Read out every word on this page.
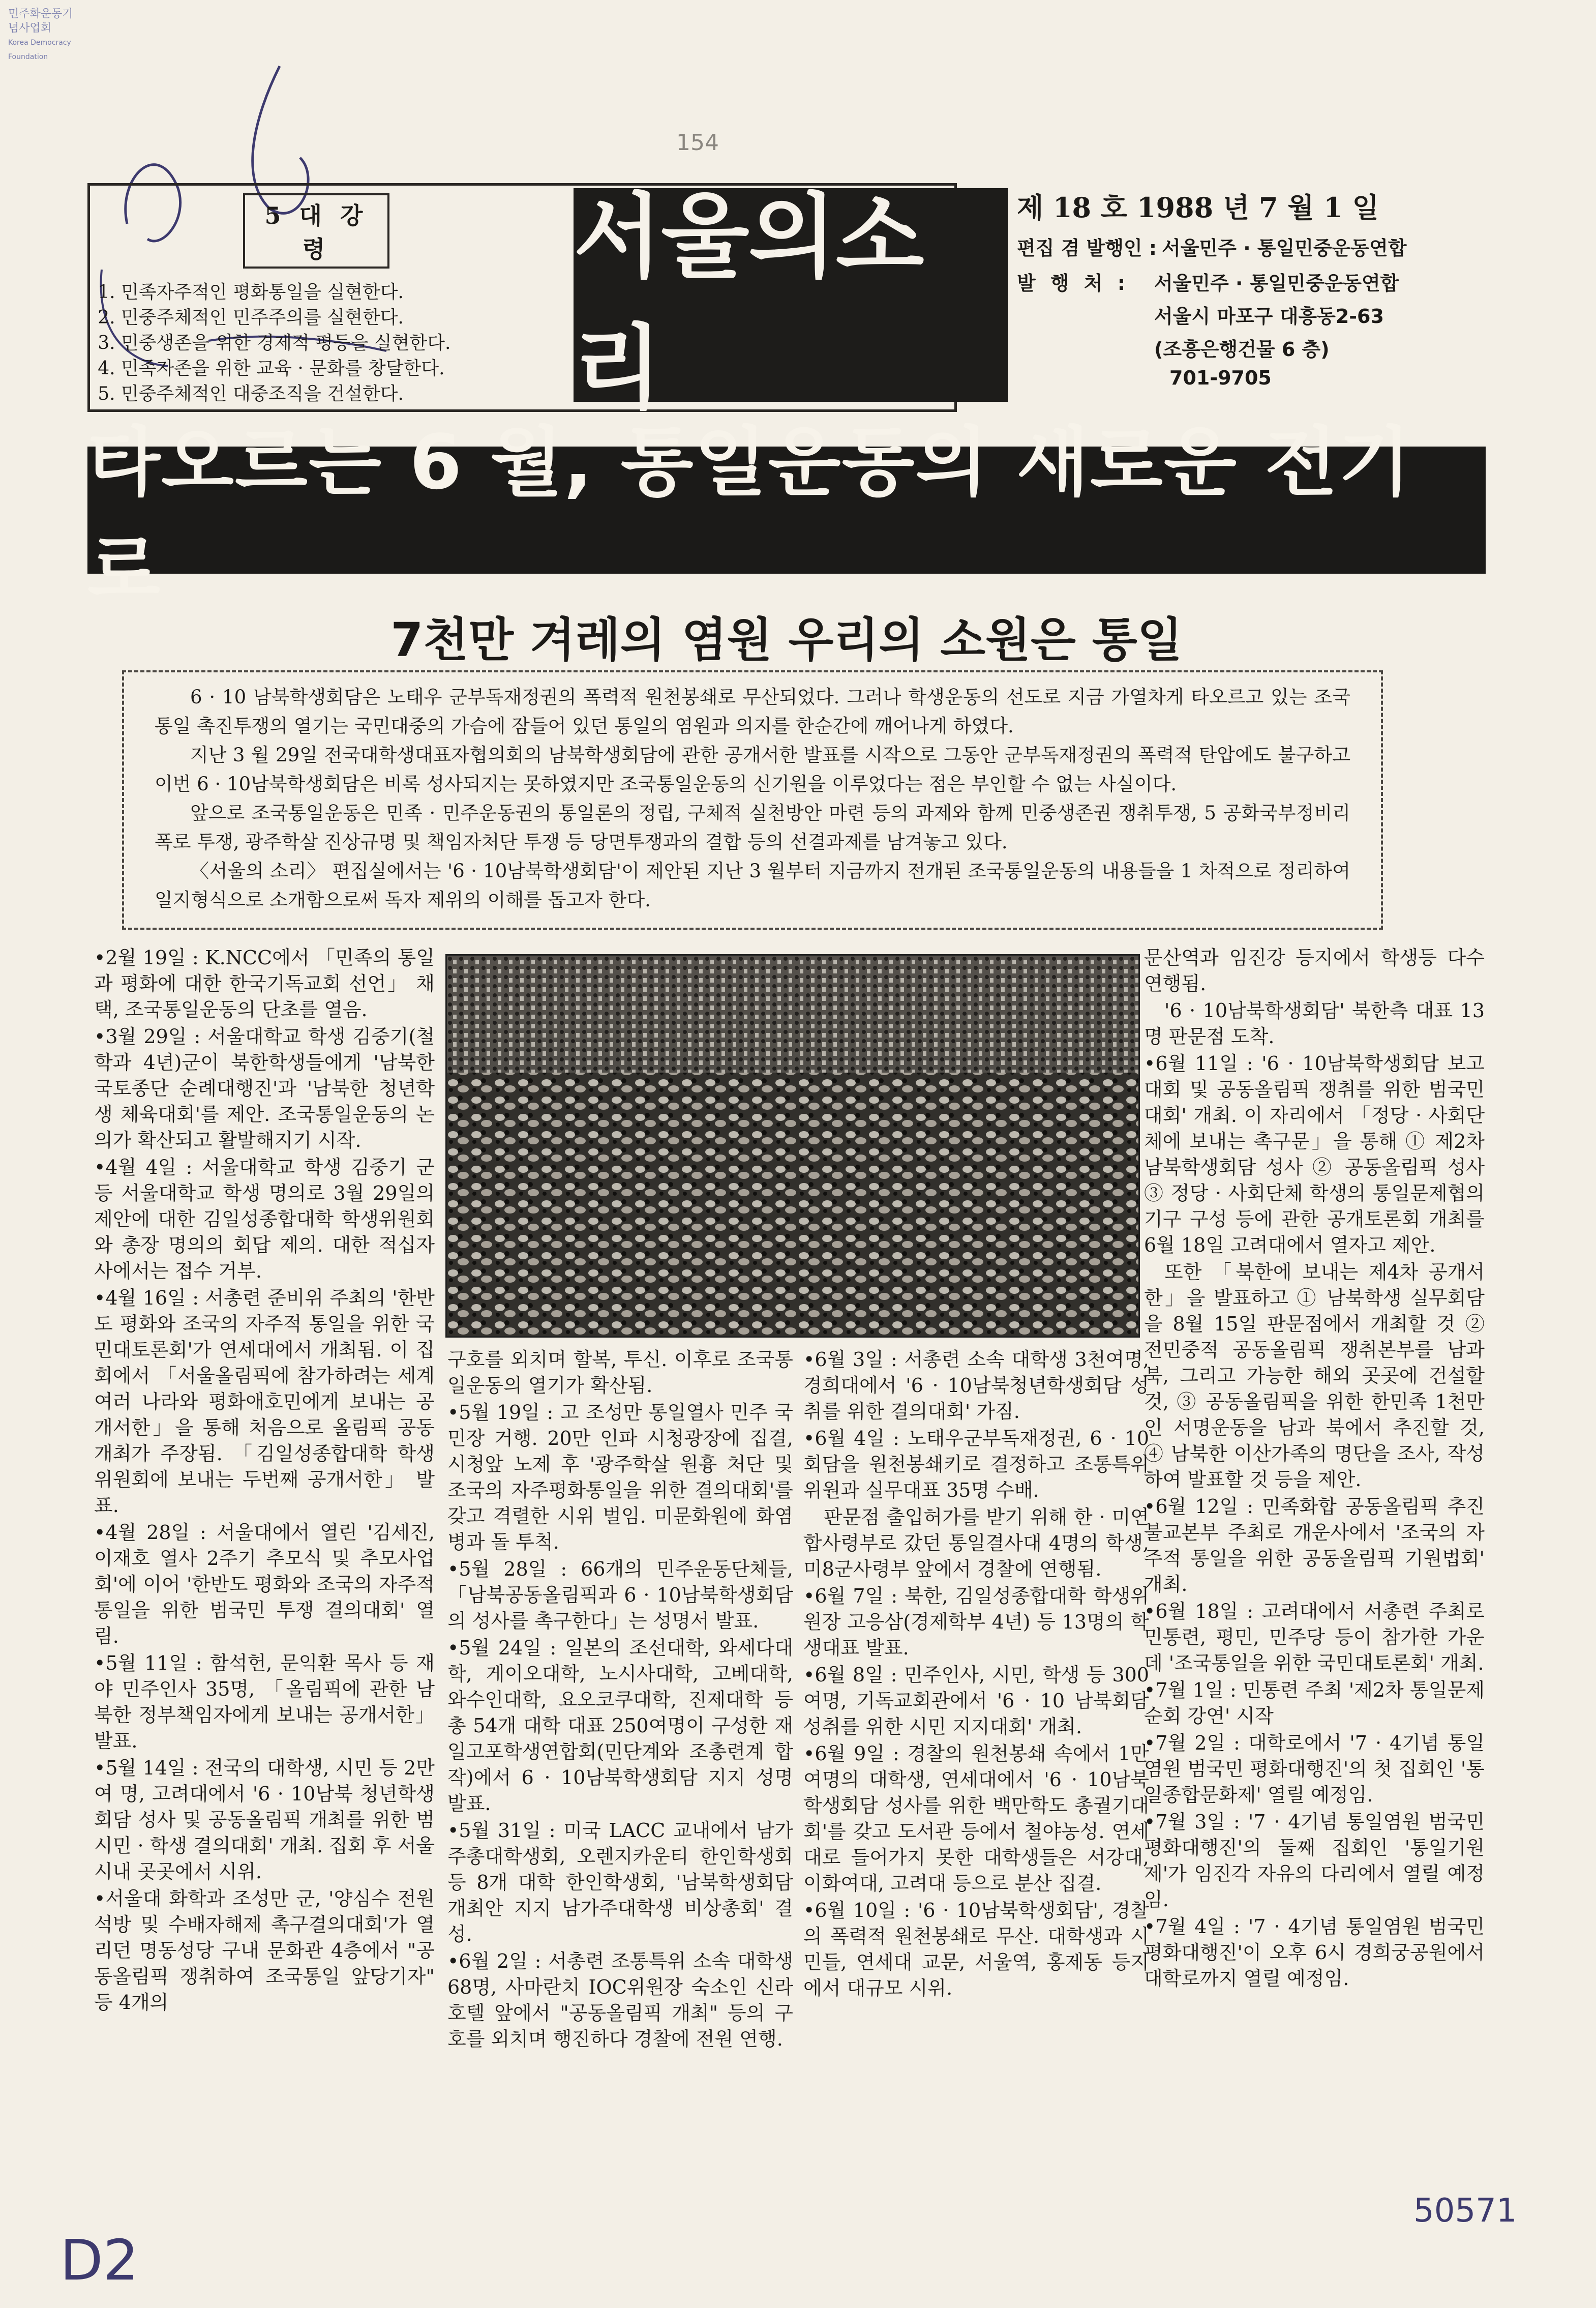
민주화운동기념사업회
Korea Democracy Foundation
154
5 대 강 령
1. 민족자주적인 평화통일을 실현한다.
2. 민중주체적인 민주주의를 실현한다.
3. 민중생존을 위한 경제적 평등을 실현한다.
4. 민족자존을 위한 교육 · 문화를 창달한다.
5. 민중주체적인 대중조직을 건설한다.
서울의소리
제 18 호 1988 년 7 월 1 일
편집 겸 발행인 : 서울민주 · 통일민중운동연합
발 행 처 :	서울민주 · 통일민중운동연합
서울시 마포구 대흥동2-63
(조흥은행건물 6 층)
701-9705
타오르는 6 월, 통일운동의 새로운 전기로
7천만 겨레의 염원 우리의 소원은 통일

6 · 10 남북학생회담은 노태우 군부독재정권의 폭력적 원천봉쇄로 무산되었다. 그러나 학생운동의 선도로 지금 가열차게 타오르고 있는 조국통일 촉진투쟁의 열기는 국민대중의 가슴에 잠들어 있던 통일의 염원과 의지를 한순간에 깨어나게 하였다.

지난 3 월 29일 전국대학생대표자협의회의 남북학생회담에 관한 공개서한 발표를 시작으로 그동안 군부독재정권의 폭력적 탄압에도 불구하고 이번 6 · 10남북학생회담은 비록 성사되지는 못하였지만 조국통일운동의 신기원을 이루었다는 점은 부인할 수 없는 사실이다.

앞으로 조국통일운동은 민족 · 민주운동권의 통일론의 정립, 구체적 실천방안 마련 등의 과제와 함께 민중생존권 쟁취투쟁, 5 공화국부정비리 폭로 투쟁, 광주학살 진상규명 및 책임자처단 투쟁 등 당면투쟁과의 결합 등의 선결과제를 남겨놓고 있다.

〈서울의 소리〉 편집실에서는 '6 · 10남북학생회담'이 제안된 지난 3 월부터 지금까지 전개된 조국통일운동의 내용들을 1 차적으로 정리하여 일지형식으로 소개함으로써 독자 제위의 이해를 돕고자 한다.

•2월 19일 : K.NCC에서 「민족의 통일과 평화에 대한 한국기독교회 선언」 채택, 조국통일운동의 단초를 열음.

•3월 29일 : 서울대학교 학생 김중기(철학과 4년)군이 북한학생들에게 '남북한 국토종단 순례대행진'과 '남북한 청년학생 체육대회'를 제안. 조국통일운동의 논의가 확산되고 활발해지기 시작.

•4월 4일 : 서울대학교 학생 김중기 군 등 서울대학교 학생 명의로 3월 29일의 제안에 대한 김일성종합대학 학생위원회와 총장 명의의 회답 제의. 대한 적십자사에서는 접수 거부.

•4월 16일 : 서총련 준비위 주최의 '한반도 평화와 조국의 자주적 통일을 위한 국민대토론회'가 연세대에서 개최됨. 이 집회에서 「서울올림픽에 참가하려는 세계 여러 나라와 평화애호민에게 보내는 공개서한」을 통해 처음으로 올림픽 공동개최가 주장됨. 「김일성종합대학 학생위원회에 보내는 두번째 공개서한」 발표.

•4월 28일 : 서울대에서 열린 '김세진, 이재호 열사 2주기 추모식 및 추모사업회'에 이어 '한반도 평화와 조국의 자주적 통일을 위한 범국민 투쟁 결의대회' 열림.

•5월 11일 : 함석헌, 문익환 목사 등 재야 민주인사 35명, 「올림픽에 관한 남북한 정부책임자에게 보내는 공개서한」 발표.

•5월 14일 : 전국의 대학생, 시민 등 2만여 명, 고려대에서 '6 · 10남북 청년학생회담 성사 및 공동올림픽 개최를 위한 범시민 · 학생 결의대회' 개최. 집회 후 서울시내 곳곳에서 시위.

•서울대 화학과 조성만 군, '양심수 전원석방 및 수배자해제 촉구결의대회'가 열리던 명동성당 구내 문화관 4층에서 "공동올림픽 쟁취하여 조국통일 앞당기자" 등 4개의

구호를 외치며 할복, 투신. 이후로 조국통일운동의 열기가 확산됨.

•5월 19일 : 고 조성만 통일열사 민주 국민장 거행. 20만 인파 시청광장에 집결, 시청앞 노제 후 '광주학살 원흉 처단 및 조국의 자주평화통일을 위한 결의대회'를 갖고 격렬한 시위 벌임. 미문화원에 화염병과 돌 투척.

•5월 28일 : 66개의 민주운동단체들, 「남북공동올림픽과 6 · 10남북학생회담의 성사를 촉구한다」는 성명서 발표.

•5월 24일 : 일본의 조선대학, 와세다대학, 게이오대학, 노시사대학, 고베대학, 와수인대학, 요오코쿠대학, 진제대학 등 총 54개 대학 대표 250여명이 구성한 재일고포학생연합회(민단계와 조총련계 합작)에서 6 · 10남북학생회담 지지 성명 발표.

•5월 31일 : 미국 LACC 교내에서 남가주총대학생회, 오렌지카운티 한인학생회 등 8개 대학 한인학생회, '남북학생회담 개최안 지지 남가주대학생 비상총회' 결성.

•6월 2일 : 서총련 조통특위 소속 대학생 68명, 사마란치 IOC위원장 숙소인 신라호텔 앞에서 "공동올림픽 개최" 등의 구호를 외치며 행진하다 경찰에 전원 연행.

•6월 3일 : 서총련 소속 대학생 3천여명, 경희대에서 '6 · 10남북청년학생회담 성취를 위한 결의대회' 가짐.

•6월 4일 : 노태우군부독재정권, 6 · 10회담을 원천봉쇄키로 결정하고 조통특위 위원과 실무대표 35명 수배.

판문점 출입허가를 받기 위해 한 · 미연합사령부로 갔던 통일결사대 4명의 학생, 미8군사령부 앞에서 경찰에 연행됨.

•6월 7일 : 북한, 김일성종합대학 학생위원장 고응삼(경제학부 4년) 등 13명의 학생대표 발표.

•6월 8일 : 민주인사, 시민, 학생 등 300여명, 기독교회관에서 '6 · 10 남북회담 성취를 위한 시민 지지대회' 개최.

•6월 9일 : 경찰의 원천봉쇄 속에서 1만여명의 대학생, 연세대에서 '6 · 10남북학생회담 성사를 위한 백만학도 총궐기대회'를 갖고 도서관 등에서 철야농성. 연세대로 들어가지 못한 대학생들은 서강대, 이화여대, 고려대 등으로 분산 집결.

•6월 10일 : '6 · 10남북학생회담', 경찰의 폭력적 원천봉쇄로 무산. 대학생과 시민들, 연세대 교문, 서울역, 홍제동 등지에서 대규모 시위.

문산역과 임진강 등지에서 학생등 다수 연행됨.

'6 · 10남북학생회담' 북한측 대표 13명 판문점 도착.

•6월 11일 : '6 · 10남북학생회담 보고대회 및 공동올림픽 쟁취를 위한 범국민대회' 개최. 이 자리에서 「정당 · 사회단체에 보내는 촉구문」을 통해 ① 제2차 남북학생회담 성사 ② 공동올림픽 성사 ③ 정당 · 사회단체 학생의 통일문제협의기구 구성 등에 관한 공개토론회 개최를 6월 18일 고려대에서 열자고 제안.

또한 「북한에 보내는 제4차 공개서한」을 발표하고 ① 남북학생 실무회담을 8월 15일 판문점에서 개최할 것 ② 전민중적 공동올림픽 쟁취본부를 남과 북, 그리고 가능한 해외 곳곳에 건설할 것, ③ 공동올림픽을 위한 한민족 1천만인 서명운동을 남과 북에서 추진할 것, ④ 남북한 이산가족의 명단을 조사, 작성하여 발표할 것 등을 제안.

•6월 12일 : 민족화합 공동올림픽 추진 불교본부 주최로 개운사에서 '조국의 자주적 통일을 위한 공동올림픽 기원법회' 개최.

•6월 18일 : 고려대에서 서총련 주최로 민통련, 평민, 민주당 등이 참가한 가운데 '조국통일을 위한 국민대토론회' 개최.

•7월 1일 : 민통련 주최 '제2차 통일문제 순회 강연' 시작

•7월 2일 : 대학로에서 '7 · 4기념 통일염원 범국민 평화대행진'의 첫 집회인 '통일종합문화제' 열릴 예정임.

•7월 3일 : '7 · 4기념 통일염원 범국민 평화대행진'의 둘째 집회인 '통일기원제'가 임진각 자유의 다리에서 열릴 예정임.

•7월 4일 : '7 · 4기념 통일염원 범국민 평화대행진'이 오후 6시 경희궁공원에서 대학로까지 열릴 예정임.

D2
50571
